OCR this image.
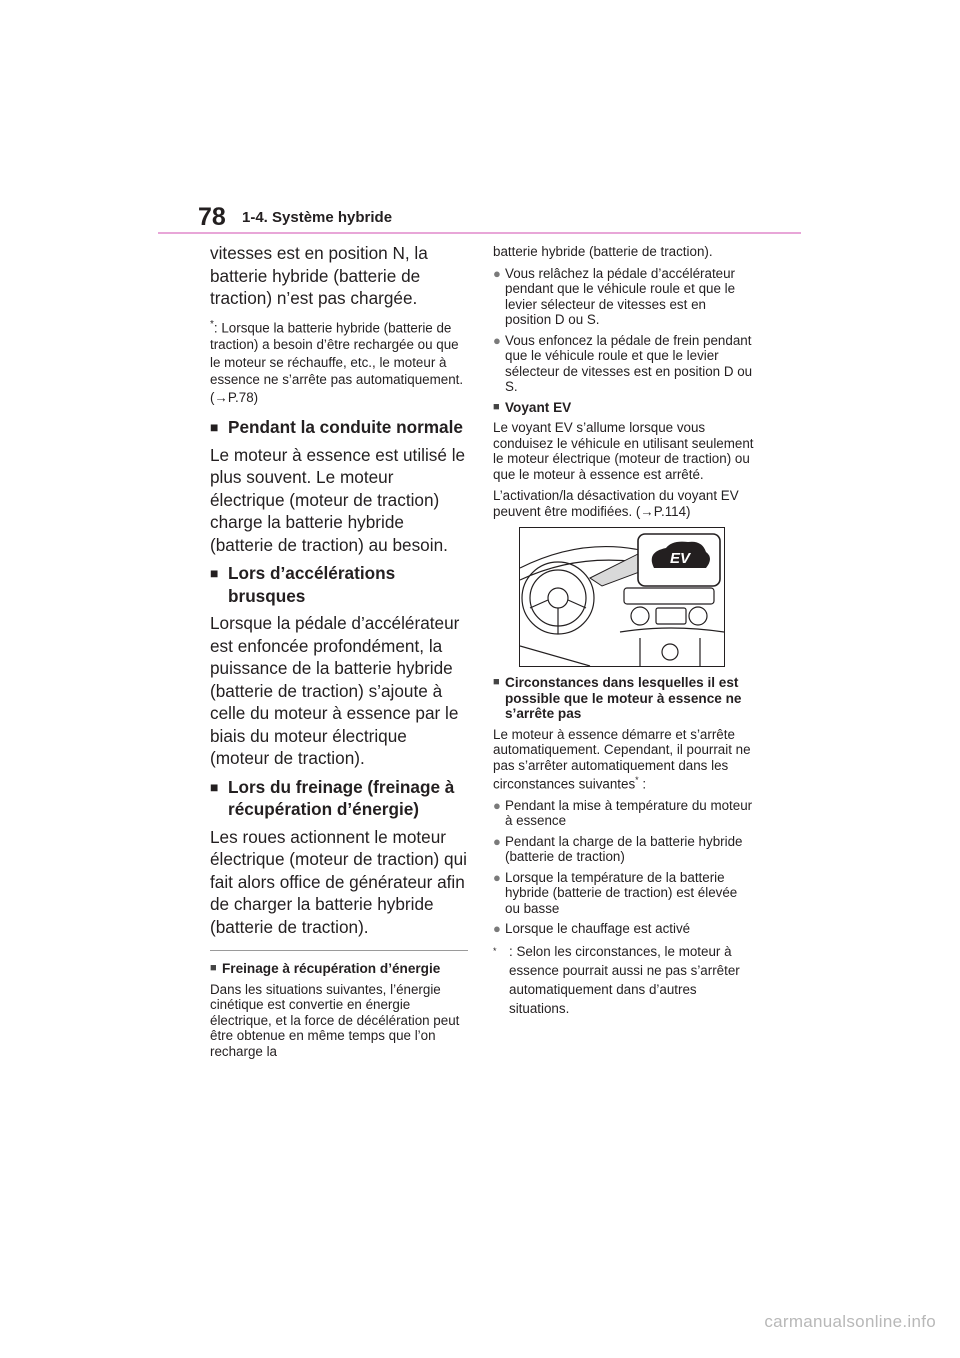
78 1-4. Système hybride

vitesses est en position N, la batterie hybride (batterie de traction) n’est pas chargée.

*: Lorsque la batterie hybride (batterie de traction) a besoin d’être rechargée ou que le moteur se réchauffe, etc., le moteur à essence ne s’arrête pas automatiquement. (→P.78)
■ Pendant la conduite normale

Le moteur à essence est utilisé le plus souvent. Le moteur électrique (moteur de traction) charge la batterie hybride (batterie de traction) au besoin.

■ Lors d’accélérations brusques

Lorsque la pédale d’accélérateur est enfoncée profondément, la puissance de la batterie hybride (batterie de traction) s’ajoute à celle du moteur à essence par le biais du moteur électrique (moteur de traction).

■ Lors du freinage (freinage à récupération d’énergie)

Les roues actionnent le moteur électrique (moteur de traction) qui fait alors office de générateur afin de charger la batterie hybride (batterie de traction).

■ Freinage à récupération d’énergie

Dans les situations suivantes, l’énergie cinétique est convertie en énergie électrique, et la force de décélération peut être obtenue en même temps que l’on recharge la

batterie hybride (batterie de traction).

● Vous relâchez la pédale d’accélérateur pendant que le véhicule roule et que le levier sélecteur de vitesses est en position D ou S.
● Vous enfoncez la pédale de frein pendant que le véhicule roule et que le levier sélecteur de vitesses est en position D ou S.
■ Voyant EV

Le voyant EV s’allume lorsque vous conduisez le véhicule en utilisant seulement le moteur électrique (moteur de traction) ou que le moteur à essence est arrêté.

L’activation/la désactivation du voyant EV peuvent être modifiées. (→P.114)

EV
■ Circonstances dans lesquelles il est possible que le moteur à essence ne s’arrête pas

Le moteur à essence démarre et s’arrête automatiquement. Cependant, il pourrait ne pas s’arrêter automatiquement dans les circonstances suivantes* :

● Pendant la mise à température du moteur à essence
● Pendant la charge de la batterie hybride (batterie de traction)
● Lorsque la température de la batterie hybride (batterie de traction) est élevée ou basse
● Lorsque le chauffage est activé
* : Selon les circonstances, le moteur à essence pourrait aussi ne pas s’arrêter automatiquement dans d’autres situations.
carmanualsonline.info
